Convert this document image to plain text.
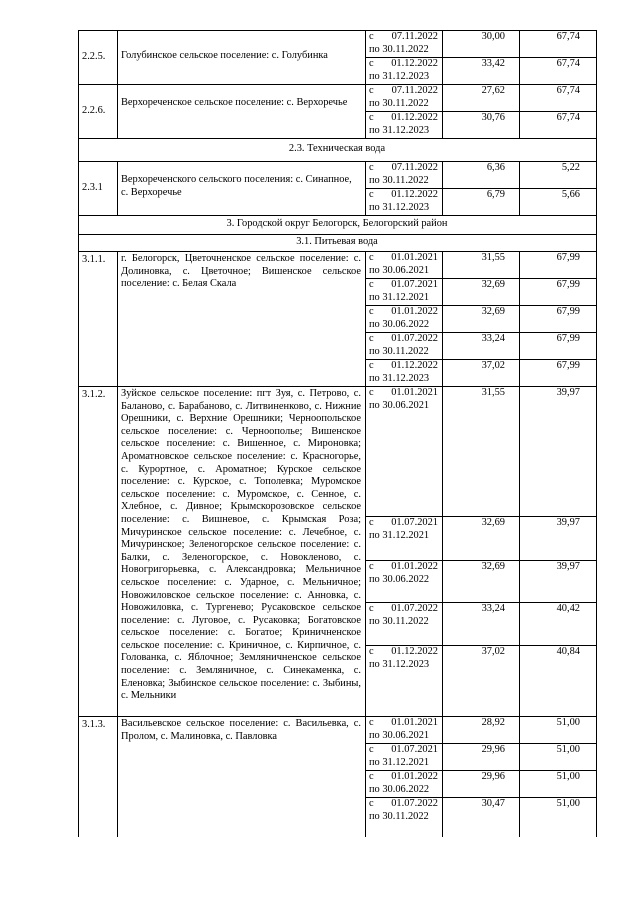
2.2.5.	Голубинское сельское поселение: с. Голубинка
с 07.11.2022
по 30.11.2022
30,00	67,74
с 01.12.2022
по 31.12.2023
33,42	67,74
2.2.6.
Верхореченское сельское поселение: с. Верхоречье
с 07.11.2022
по 30.11.2022
27,62	67,74
с 01.12.2022
по 31.12.2023
30,76	67,74
2.3. Техническая вода
2.3.1
Верхореченского сельского поселения: с. Синапное, с. Верхоречье
с 07.11.2022
по 30.11.2022
6,36	5,22
с 01.12.2022
по 31.12.2023
6,79	5,66
3. Городской округ Белогорск, Белогорский район
3.1. Питьевая вода
3.1.1.	г. Белогорск, Цветочненское сельское поселение: с. Долиновка, с. Цветочное; Вишенское сельское поселение: с. Белая Скала
с 01.01.2021
по 30.06.2021
31,55	67,99
с 01.07.2021
по 31.12.2021
32,69	67,99
с 01.01.2022
по 30.06.2022
32,69	67,99
с 01.07.2022
по 30.11.2022
33,24	67,99
с 01.12.2022
по 31.12.2023
37,02	67,99
3.1.2.	Зуйское сельское поселение: пгт Зуя, с. Петрово, с. Баланово, с. Барабаново, с. Литвиненково, с. Нижние Орешники, с. Верхние Орешники; Черноопольское сельское поселение: с. Черноополье; Вишенское сельское поселение: с. Вишенное, с. Мироновка; Ароматновское сельское поселение: с. Красногорье, с. Курортное, с. Ароматное; Курское сельское поселение: с. Курское, с. Тополевка; Муромское сельское поселение: с. Муромское, с. Сенное, с. Хлебное, с. Дивное; Крымскорозовское сельское поселение: с. Вишневое, с. Крымская Роза; Мичуринское сельское поселение: с. Лечебное, с. Мичуринское; Зеленогорское сельское поселение: с. Балки, с. Зеленогорское, с. Новокленово, с. Новогригорьевка, с. Александровка; Мельничное сельское поселение: с. Ударное, с. Мельничное; Новожиловское сельское поселение: с. Анновка, с. Новожиловка, с. Тургенево; Русаковское сельское поселение: с. Луговое, с. Русаковка; Богатовское сельское поселение: с. Богатое; Криничненское сельское поселение: с. Криничное, с. Кирпичное, с. Голованка, с. Яблочное; Земляничненское сельское поселение: с. Земляничное, с. Синекаменка, с. Еленовка; Зыбинское сельское поселение: с. Зыбины, с. Мельники
с 01.01.2021
по 30.06.2021
31,55	39,97
с 01.07.2021
по 31.12.2021
32,69	39,97
с 01.01.2022
по 30.06.2022
32,69	39,97
с 01.07.2022
по 30.11.2022
33,24	40,42
с 01.12.2022
по 31.12.2023
37,02	40,84
3.1.3.	Васильевское сельское поселение: с. Васильевка, с. Пролом, с. Малиновка, с. Павловка
с 01.01.2021
по 30.06.2021
28,92	51,00
с 01.07.2021
по 31.12.2021
29,96	51,00
с 01.01.2022
по 30.06.2022
29,96	51,00
с 01.07.2022
по 30.11.2022
30,47	51,00
